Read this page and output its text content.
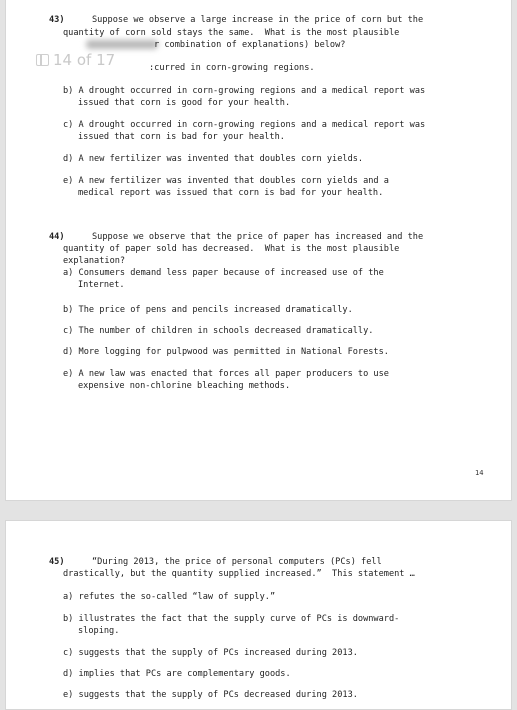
43)	Suppose we observe a large increase in the price of corn but the
quantity of corn sold stays the same.  What is the most plausible
r combination of explanations) below?
14 of 17	:curred in corn-growing regions.
b) A drought occurred in corn-growing regions and a medical report was
issued that corn is good for your health.
c) A drought occurred in corn-growing regions and a medical report was
issued that corn is bad for your health.
d) A new fertilizer was invented that doubles corn yields.
e) A new fertilizer was invented that doubles corn yields and a
medical report was issued that corn is bad for your health.
44)	Suppose we observe that the price of paper has increased and the
quantity of paper sold has decreased.  What is the most plausible
explanation?
a) Consumers demand less paper because of increased use of the
Internet.
b) The price of pens and pencils increased dramatically.
c) The number of children in schools decreased dramatically.
d) More logging for pulpwood was permitted in National Forests.
e) A new law was enacted that forces all paper producers to use
expensive non-chlorine bleaching methods.
14
45)	“During 2013, the price of personal computers (PCs) fell
drastically, but the quantity supplied increased.”  This statement …
a) refutes the so-called “law of supply.”
b) illustrates the fact that the supply curve of PCs is downward-
sloping.
c) suggests that the supply of PCs increased during 2013.
d) implies that PCs are complementary goods.
e) suggests that the supply of PCs decreased during 2013.
